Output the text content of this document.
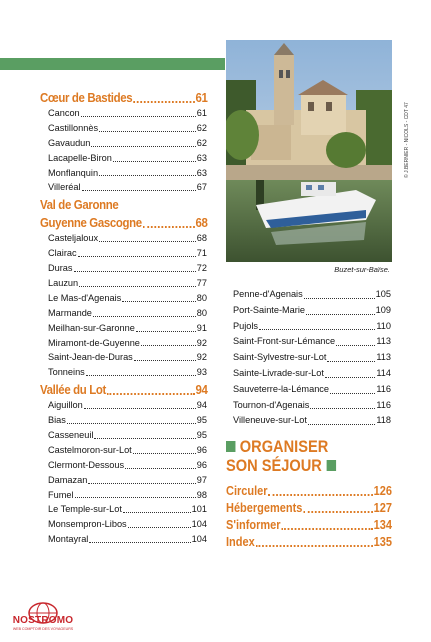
© J.BERNIER - NICOLS - CDT 47
Buzet-sur-Baïse.
Cœur de Bastides	61
Cancon	61
Castillonnès	62
Gavaudun	62
Lacapelle-Biron	63
Monflanquin	63
Villeréal	67
Val de Garonne
Guyenne Gascogne	68
Casteljaloux	68
Clairac	71
Duras	72
Lauzun	77
Le Mas-d'Agenais	80
Marmande	80
Meilhan-sur-Garonne	91
Miramont-de-Guyenne	92
Saint-Jean-de-Duras	92
Tonneins	93
Vallée du Lot	94
Aiguillon	94
Bias	95
Casseneuil	95
Castelmoron-sur-Lot	96
Clermont-Dessous	96
Damazan	97
Fumel	98
Le Temple-sur-Lot	101
Monsempron-Libos	104
Montayral	104
Penne-d'Agenais	105
Port-Sainte-Marie	109
Pujols	110
Saint-Front-sur-Lémance	113
Saint-Sylvestre-sur-Lot	113
Sainte-Livrade-sur-Lot	114
Sauveterre-la-Lémance	116
Tournon-d'Agenais	116
Villeneuve-sur-Lot	118
ORGANISER
SON SÉJOUR
Circuler	126
Hébergements	127
S'informer	134
Index	135
NOSTROMO
WEB COMPTOIR DES VOYAGEURS
